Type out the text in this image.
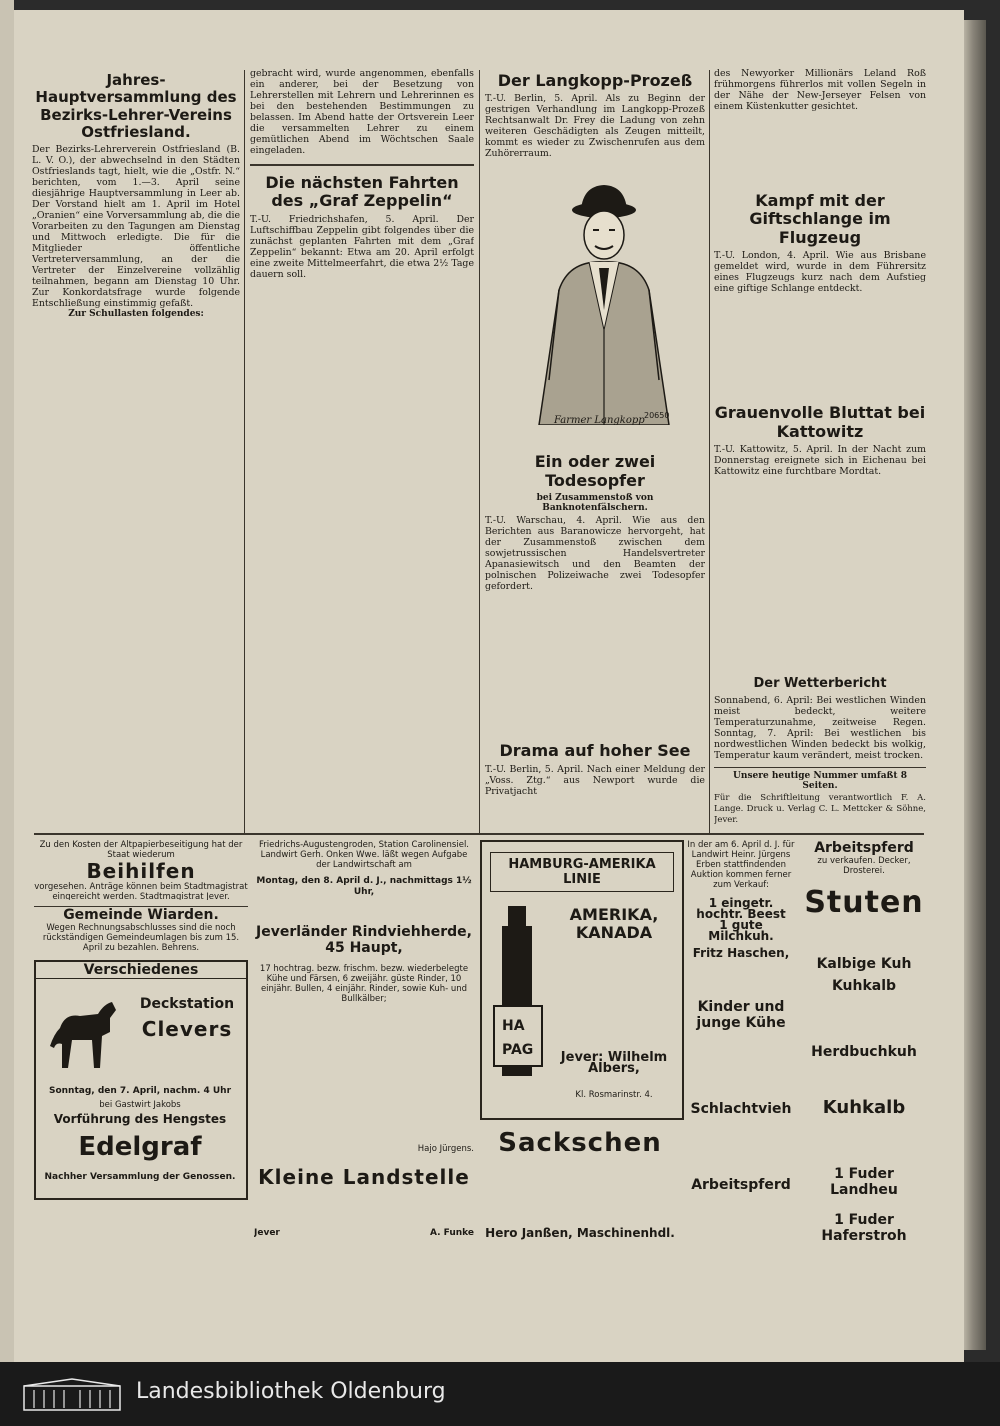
Jahres-Hauptversammlung des Bezirks-Lehrer-Vereins Ostfriesland.

Der Bezirks-Lehrerverein Ostfriesland (B. L. V. O.), der abwechselnd in den Städten Ostfrieslands tagt, hielt, wie die „Ostfr. N.“ berichten, vom 1.—3. April seine diesjährige Hauptversammlung in Leer ab. Der Vorstand hielt am 1. April im Hotel „Oranien“ eine Vorversammlung ab, die die Vorarbeiten zu den Tagungen am Dienstag und Mittwoch erledigte. Die für die Mitglieder öffentliche Vertreterversammlung, an der die Vertreter der Einzelvereine vollzählig teilnahmen, begann am Dienstag 10 Uhr. Zur Konkordatsfrage wurde folgende Entschließung einstimmig gefaßt.

Zur Schullasten folgendes:

gebracht wird, wurde angenommen, ebenfalls ein anderer, bei der Besetzung von Lehrerstellen mit Lehrern und Lehrerinnen es bei den bestehenden Bestimmungen zu belassen. Im Abend hatte der Ortsverein Leer die versammelten Lehrer zu einem gemütlichen Abend im Wöchtschen Saale eingeladen.

Die nächsten Fahrten des „Graf Zeppelin“

T.-U. Friedrichshafen, 5. April. Der Luftschiffbau Zeppelin gibt folgendes über die zunächst geplanten Fahrten mit dem „Graf Zeppelin“ bekannt: Etwa am 20. April erfolgt eine zweite Mittelmeerfahrt, die etwa 2½ Tage dauern soll.

Der Langkopp-Prozeß

T.-U. Berlin, 5. April. Als zu Beginn der gestrigen Verhandlung im Langkopp-Prozeß Rechtsanwalt Dr. Frey die Ladung von zehn weiteren Geschädigten als Zeugen mitteilt, kommt es wieder zu Zwischenrufen aus dem Zuhörerraum.

Ein oder zwei Todesopfer
bei Zusammenstoß von Banknotenfälschern.

T.-U. Warschau, 4. April. Wie aus den Berichten aus Baranowicze hervorgeht, hat der Zusammenstoß zwischen dem sowjetrussischen Handelsvertreter Apanasiewitsch und den Beamten der polnischen Polizeiwache zwei Todesopfer gefordert.

Drama auf hoher See

T.-U. Berlin, 5. April. Nach einer Meldung der „Voss. Ztg.“ aus Newport wurde die Privatjacht

20650
Farmer Langkopp

des Newyorker Millionärs Leland Roß frühmorgens führerlos mit vollen Segeln in der Nähe der New-Jerseyer Felsen von einem Küstenkutter gesichtet.

Kampf mit der Giftschlange im Flugzeug

T.-U. London, 4. April. Wie aus Brisbane gemeldet wird, wurde in dem Führersitz eines Flugzeugs kurz nach dem Aufstieg eine giftige Schlange entdeckt.

Grauenvolle Bluttat bei Kattowitz

T.-U. Kattowitz, 5. April. In der Nacht zum Donnerstag ereignete sich in Eichenau bei Kattowitz eine furchtbare Mordtat.

Der Wetterbericht

Sonnabend, 6. April: Bei westlichen Winden meist bedeckt, weitere Temperaturzunahme, zeitweise Regen. Sonntag, 7. April: Bei westlichen bis nordwestlichen Winden bedeckt bis wolkig, Temperatur kaum verändert, meist trocken.

Unsere heutige Nummer umfaßt 8 Seiten.

Für die Schriftleitung verantwortlich F. A. Lange. Druck u. Verlag C. L. Mettcker & Söhne, Jever.

Zu den Kosten der Altpapierbeseitigung hat der Staat wiederum
Beihilfen
vorgesehen. Anträge können beim Stadtmagistrat eingereicht werden. Stadtmagistrat Jever.
Gemeinde Wiarden.
Wegen Rechnungsabschlusses sind die noch rückständigen Gemeindeumlagen bis zum 15. April zu bezahlen. Behrens.
Verschiedenes
Deckstation
Clevers
Sonntag, den 7. April, nachm. 4 Uhr
bei Gastwirt Jakobs
Vorführung des Hengstes
Edelgraf
Nachher Versammlung der Genossen.
Friedrichs-Augustengroden, Station Carolinensiel. Landwirt Gerh. Onken Wwe. läßt wegen Aufgabe der Landwirtschaft am
Montag, den 8. April d. J., nachmittags 1½ Uhr,
Jeverländer Rindviehherde,
45 Haupt,
17 hochtrag. bezw. frischm. bezw. wiederbelegte Kühe und Färsen, 6 zweijähr. güste Rinder, 10 einjähr. Bullen, 4 einjähr. Rinder, sowie Kuh- und Bullkälber;
Hajo Jürgens.
Kleine Landstelle
Jever	A. Funke
HAMBURG-AMERIKA LINIE
AMERIKA, KANADA
HA
PAG	Jever: Wilhelm Albers,
Kl. Rosmarinstr. 4.
Sackschen
Hero Janßen, Maschinenhdl.
In der am 6. April d. J. für Landwirt Heinr. Jürgens Erben stattfindenden Auktion kommen ferner zum Verkauf:
1 eingetr. hochtr. Beest
1 gute Milchkuh.
Fritz Haschen,
Kinder und junge Kühe
Schlachtvieh
Arbeitspferd
Arbeitspferd
zu verkaufen. Decker, Drosterei.
Stuten
Kalbige Kuh
Kuhkalb
Herdbuchkuh
Kuhkalb
1 Fuder Landheu
1 Fuder Haferstroh
Landesbibliothek Oldenburg
